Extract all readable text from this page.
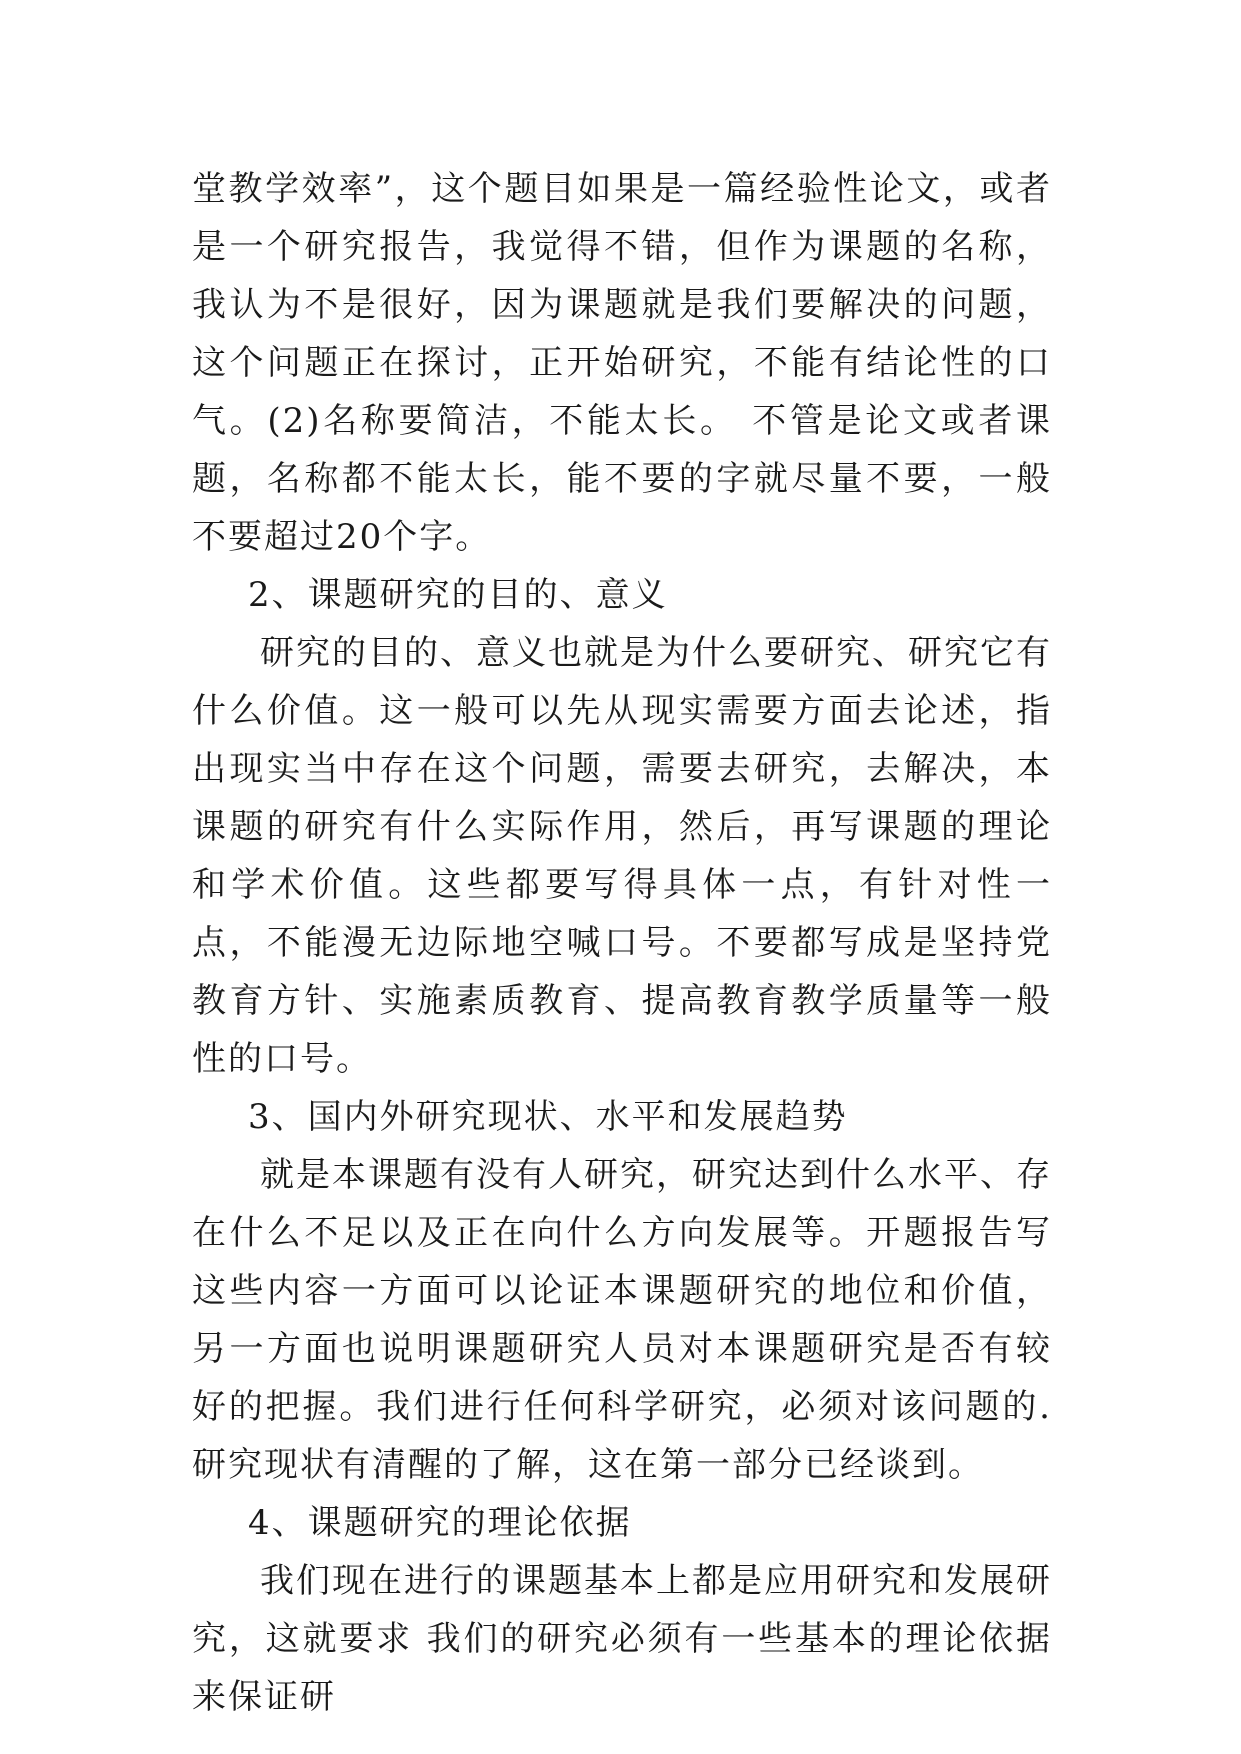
堂教学效率”，这个题目如果是一篇经验性论文，或者是一个研究报告，我觉得不错，但作为课题的名称，我认为不是很好，因为课题就是我们要解决的问题，这个问题正在探讨，正开始研究，不能有结论性的口气。(2)名称要简洁，不能太长。 不管是论文或者课题，名称都不能太长，能不要的字就尽量不要，一般不要超过20个字。

2、课题研究的目的、意义

研究的目的、意义也就是为什么要研究、研究它有什么价值。这一般可以先从现实需要方面去论述，指出现实当中存在这个问题，需要去研究，去解决，本课题的研究有什么实际作用，然后，再写课题的理论和学术价值。这些都要写得具体一点，有针对性一点，不能漫无边际地空喊口号。不要都写成是坚持党教育方针、实施素质教育、提高教育教学质量等一般性的口号。

3、国内外研究现状、水平和发展趋势

就是本课题有没有人研究，研究达到什么水平、存在什么不足以及正在向什么方向发展等。开题报告写这些内容一方面可以论证本课题研究的地位和价值，另一方面也说明课题研究人员对本课题研究是否有较好的把握。我们进行任何科学研究，必须对该问题的.研究现状有清醒的了解，这在第一部分已经谈到。

4、课题研究的理论依据

我们现在进行的课题基本上都是应用研究和发展研究，这就要求 我们的研究必须有一些基本的理论依据来保证研
